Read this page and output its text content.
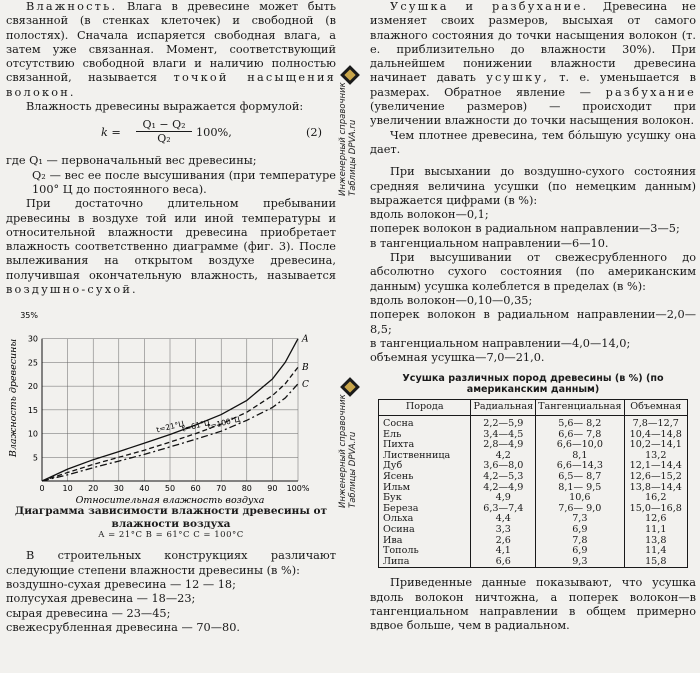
Влажность. Влага в древесине может быть связанной (в стенках клеточек) и свободной (в полостях). Сначала испаряется свободная влага, а затем уже связанная. Момент, соответствующий отсутствию свободной влаги и наличию полностью связанной, называется точкой насыщения волокон.

Влажность древесины выражается формулой:

$k = \frac{\text{Q₁ − Q₂}}{\text{Q₂}} 100\%$,	(2)

где Q₁ — первоначальный вес древесины;

Q₂ — вес ее после высушивания (при температуре 100° Ц до постоянного веса).

При достаточно длительном пребывании древесины в воздухе той или иной температуры и относительной влажности древесина приобретает влажность соответственно диаграмме (фиг. 3). После вылеживания на открытом воздухе древесина, получившая окончательную влажность, называется воздушно-сухой.

0 10 20 30 40 50 60 70 80 90 100%
5
10
15
20
25
30
35%
Относительная влажность воздуха
Влажность древесины	A
t=21°Ц
B
t=61°Ц
C
t=100°Ц
Диаграмма зависимости влажности древесины от влажности воздуха
A = 21°C B = 61°C C = 100°C

В строительных конструкциях различают следующие степени влажности древесины (в %):

воздушно-сухая древесина — 12 — 18;

полусухая древесина — 18—23;

сырая древесина — 23—45;

свежесрубленная древесина — 70—80.

Инженерный справочник
Таблицы DPVA.ru
Инженерный справочник
Таблицы DPVA.ru

Усушка и разбухание. Древесина не изменяет своих размеров, высыхая от самого влажного состояния до точки насыщения волокон (т. е. приблизительно до влажности 30%). При дальнейшем понижении влажности древесина начинает давать усушку, т. е. уменьшается в размерах. Обратное явление — разбухание (увеличение размеров) — происходит при увеличении влажности до точки насыщения волокон.

Чем плотнее древесина, тем бо́льшую усушку она дает.

При высыхании до воздушно-сухого состояния средняя величина усушки (по немецким данным) выражается цифрами (в %):

вдоль волокон—0,1;

поперек волокон в радиальном направлении—3—5;

в тангенциальном направлении—6—10.

При высушивании от свежесрубленного до абсолютно сухого состояния (по американским данным) усушка колеблется в пределах (в %):

вдоль волокон—0,10—0,35;

поперек волокон в радиальном направлении—2,0—8,5;

в тангенциальном направлении—4,0—14,0;

объемная усушка—7,0—21,0.

Усушка различных пород древесины (в %) (по американским данным)
Порода	Радиальная	Тангенциальная	Объемная
Сосна	2,2—5,9	5,6— 8,2	7,8—12,7
Ель	3,4—4,5	6,6— 7,8	10,4—14,8
Пихта	2,8—4,9	6,6—10,0	10,2—14,1
Лиственница	4,2	8,1	13,2
Дуб	3,6—8,0	6,6—14,3	12,1—14,4
Ясень	4,2—5,3	6,5— 8,7	12,6—15,2
Ильм	4,2—4,9	8,1— 9,5	13,8—14,4
Бук	4,9	10,6	16,2
Береза	6,3—7,4	7,6— 9,0	15,0—16,8
Ольха	4,4	7,3	12,6
Осина	3,3	6,9	11,1
Ива	2,6	7,8	13,8
Тополь	4,1	6,9	11,4
Липа	6,6	9,3	15,8

Приведенные данные показывают, что усушка вдоль волокон ничтожна, а поперек волокон—в тангенциальном направлении в общем примерно вдвое больше, чем в радиальном.
